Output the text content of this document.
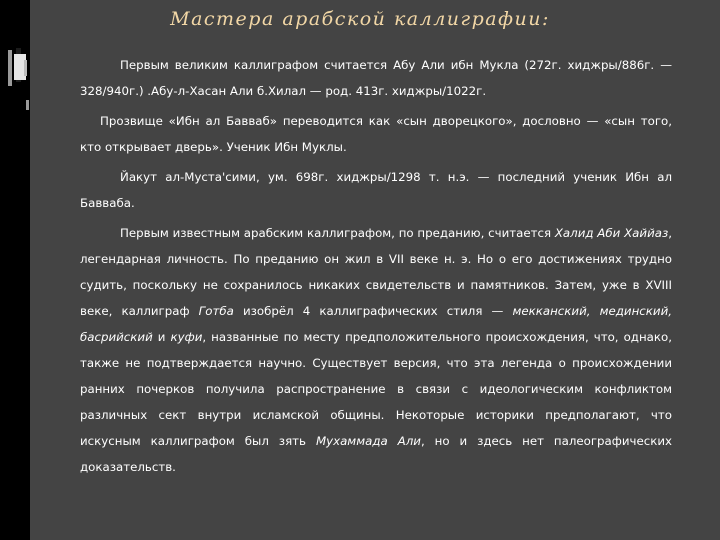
Мастера арабской каллиграфии:

Первым великим каллиграфом считается Абу Али ибн Мукла (272г. хиджры/886г. — 328/940г.) .Абу-л-Хасан Али б.Хилал — род. 413г. хиджры/1022г.

Прозвище «Ибн ал Бавваб» переводится как «сын дворецкого», дословно — «сын того, кто открывает дверь». Ученик Ибн Муклы.

Йакут ал-Муста'сими, ум. 698г. хиджры/1298 т. н.э. — последний ученик Ибн ал Бавваба.

Первым известным арабским каллиграфом, по преданию, считается Халид Аби Хаййаз, легендарная личность. По преданию он жил в VII веке н. э. Но о его достижениях трудно судить, поскольку не сохранилось никаких свидетельств и памятников. Затем, уже в XVIII веке, каллиграф Готба изобрёл 4 каллиграфических стиля — мекканский, мединский, басрийский и куфи, названные по месту предположительного происхождения, что, однако, также не подтверждается научно. Существует версия, что эта легенда о происхождении ранних почерков получила распространение в связи с идеологическим конфликтом различных сект внутри исламской общины. Некоторые историки предполагают, что искусным каллиграфом был зять Мухаммада Али, но и здесь нет палеографических доказательств.
